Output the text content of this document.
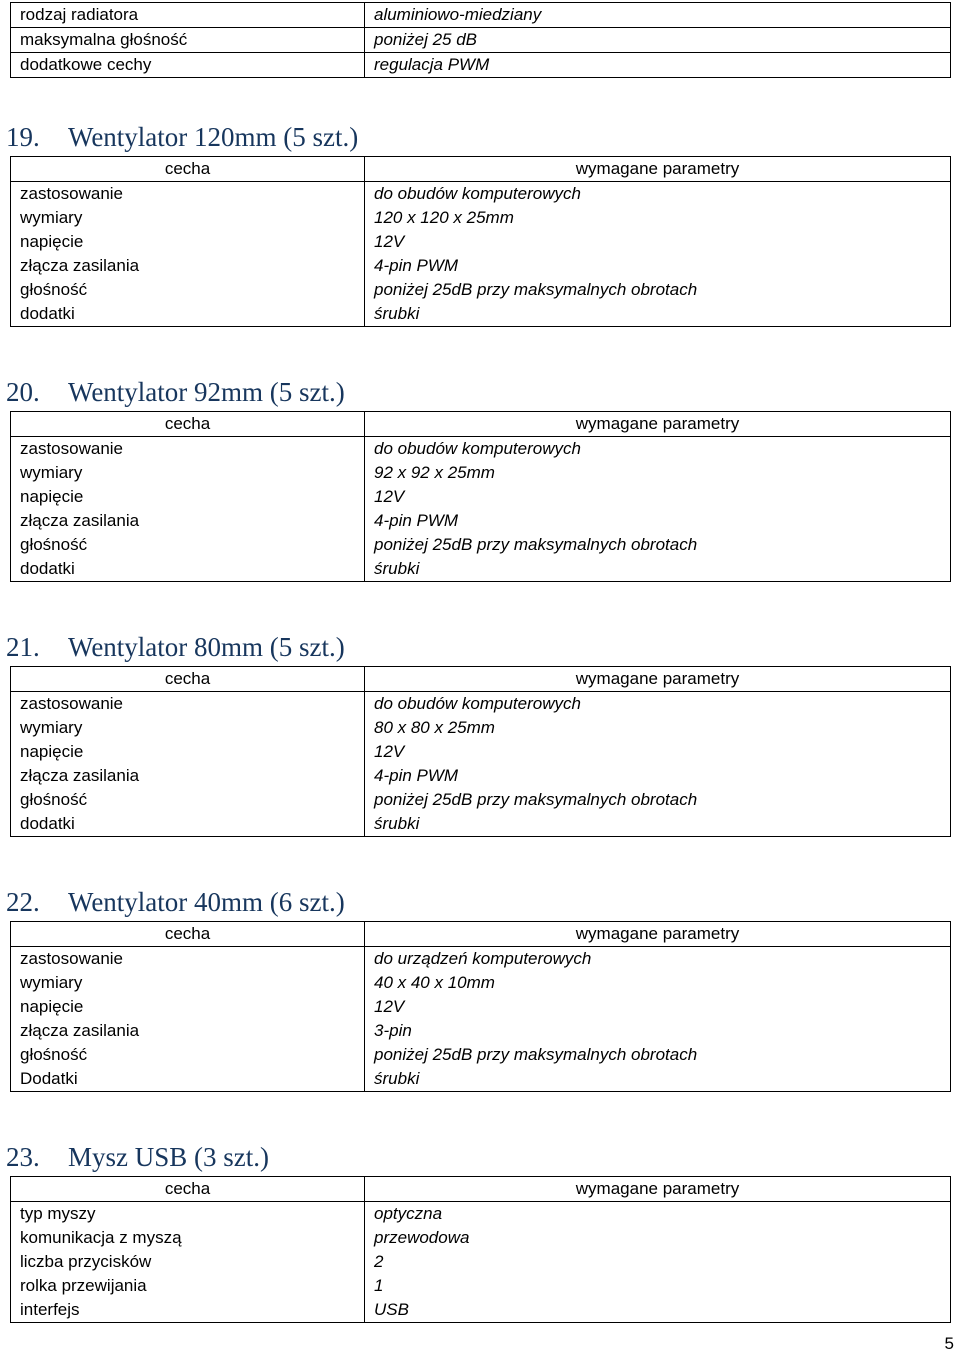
rodzaj radiatora	aluminiowo-miedziany
maksymalna głośność	poniżej 25 dB
dodatkowe cechy	regulacja PWM
19. Wentylator 120mm (5 szt.)
cecha	wymagane parametry
zastosowanie	do obudów komputerowych
wymiary	120 x 120 x 25mm
napięcie	12V
złącza zasilania	4-pin PWM
głośność	poniżej 25dB przy maksymalnych obrotach
dodatki	śrubki
20. Wentylator 92mm (5 szt.)
cecha	wymagane parametry
zastosowanie	do obudów komputerowych
wymiary	92 x 92 x 25mm
napięcie	12V
złącza zasilania	4-pin PWM
głośność	poniżej 25dB przy maksymalnych obrotach
dodatki	śrubki
21. Wentylator 80mm (5 szt.)
cecha	wymagane parametry
zastosowanie	do obudów komputerowych
wymiary	80 x 80 x 25mm
napięcie	12V
złącza zasilania	4-pin PWM
głośność	poniżej 25dB przy maksymalnych obrotach
dodatki	śrubki
22. Wentylator 40mm (6 szt.)
cecha	wymagane parametry
zastosowanie	do urządzeń komputerowych
wymiary	40 x 40 x 10mm
napięcie	12V
złącza zasilania	3-pin
głośność	poniżej 25dB przy maksymalnych obrotach
Dodatki	śrubki
23. Mysz USB (3 szt.)
cecha	wymagane parametry
typ myszy	optyczna
komunikacja z myszą	przewodowa
liczba przycisków	2
rolka przewijania	1
interfejs	USB
5
